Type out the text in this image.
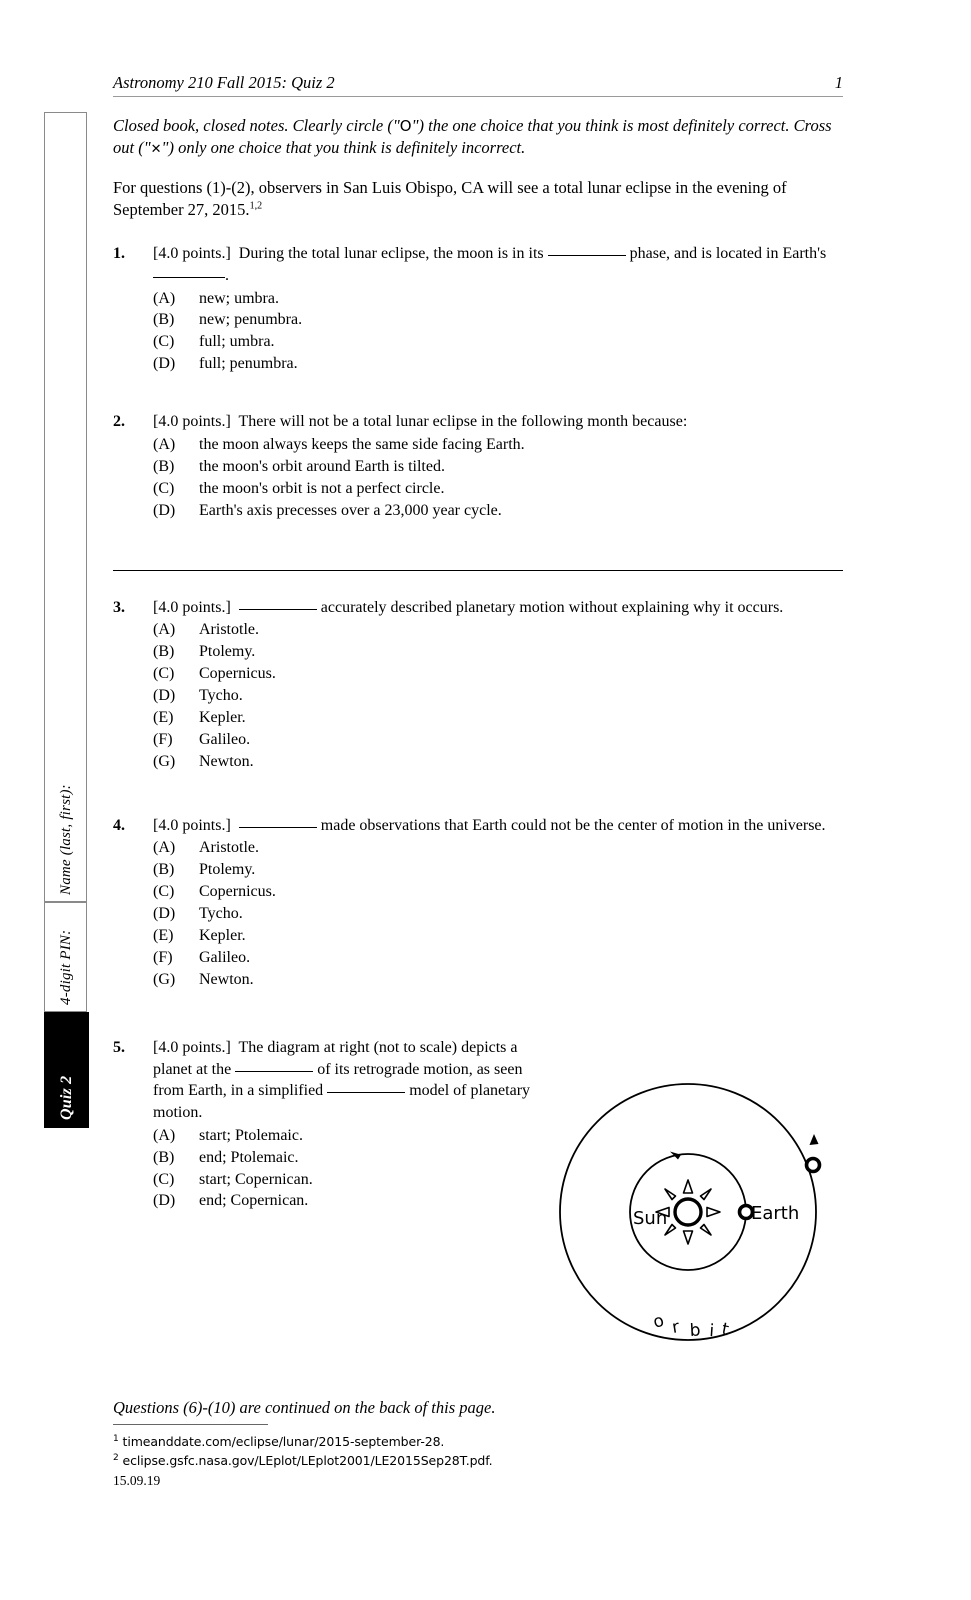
Name (last, first):
4-digit PIN:
Quiz 2
Astronomy 210 Fall 2015: Quiz 2	1
Closed book, closed notes. Clearly circle ("O") the one choice that you think is most definitely correct. Cross out ("✕") only one choice that you think is definitely incorrect.
For questions (1)-(2), observers in San Luis Obispo, CA will see a total lunar eclipse in the evening of September 27, 2015.$^{1,2}$
1.	[4.0 points.] During the total lunar eclipse, the moon is in its	phase, and is located in Earth's .
(A)	new; umbra.
(B)	new; penumbra.
(C)	full; umbra.
(D)	full; penumbra.
2.	[4.0 points.] There will not be a total lunar eclipse in the following month because:
(A)	the moon always keeps the same side facing Earth.
(B)	the moon's orbit around Earth is tilted.
(C)	the moon's orbit is not a perfect circle.
(D)	Earth's axis precesses over a 23,000 year cycle.
3.	[4.0 points.]	accurately described planetary motion without explaining why it occurs.
(A)	Aristotle.
(B)	Ptolemy.
(C)	Copernicus.
(D)	Tycho.
(E)	Kepler.
(F)	Galileo.
(G)	Newton.
4.	[4.0 points.]	made observations that Earth could not be the center of motion in the universe.
(A)	Aristotle.
(B)	Ptolemy.
(C)	Copernicus.
(D)	Tycho.
(E)	Kepler.
(F)	Galileo.
(G)	Newton.
5.	[4.0 points.] The diagram at right (not to scale) depicts a planet at the	of its retrograde motion, as seen from Earth, in a simplified	model of planetary motion.
(A)	start; Ptolemaic.
(B)	end; Ptolemaic.
(C)	start; Copernican.
(D)	end; Copernican.
Earth
Sun
o r b i t
Questions (6)-(10) are continued on the back of this page.
$^1$ timeanddate.com/eclipse/lunar/2015-september-28.
$^2$ eclipse.gsfc.nasa.gov/LEplot/LEplot2001/LE2015Sep28T.pdf.
15.09.19
